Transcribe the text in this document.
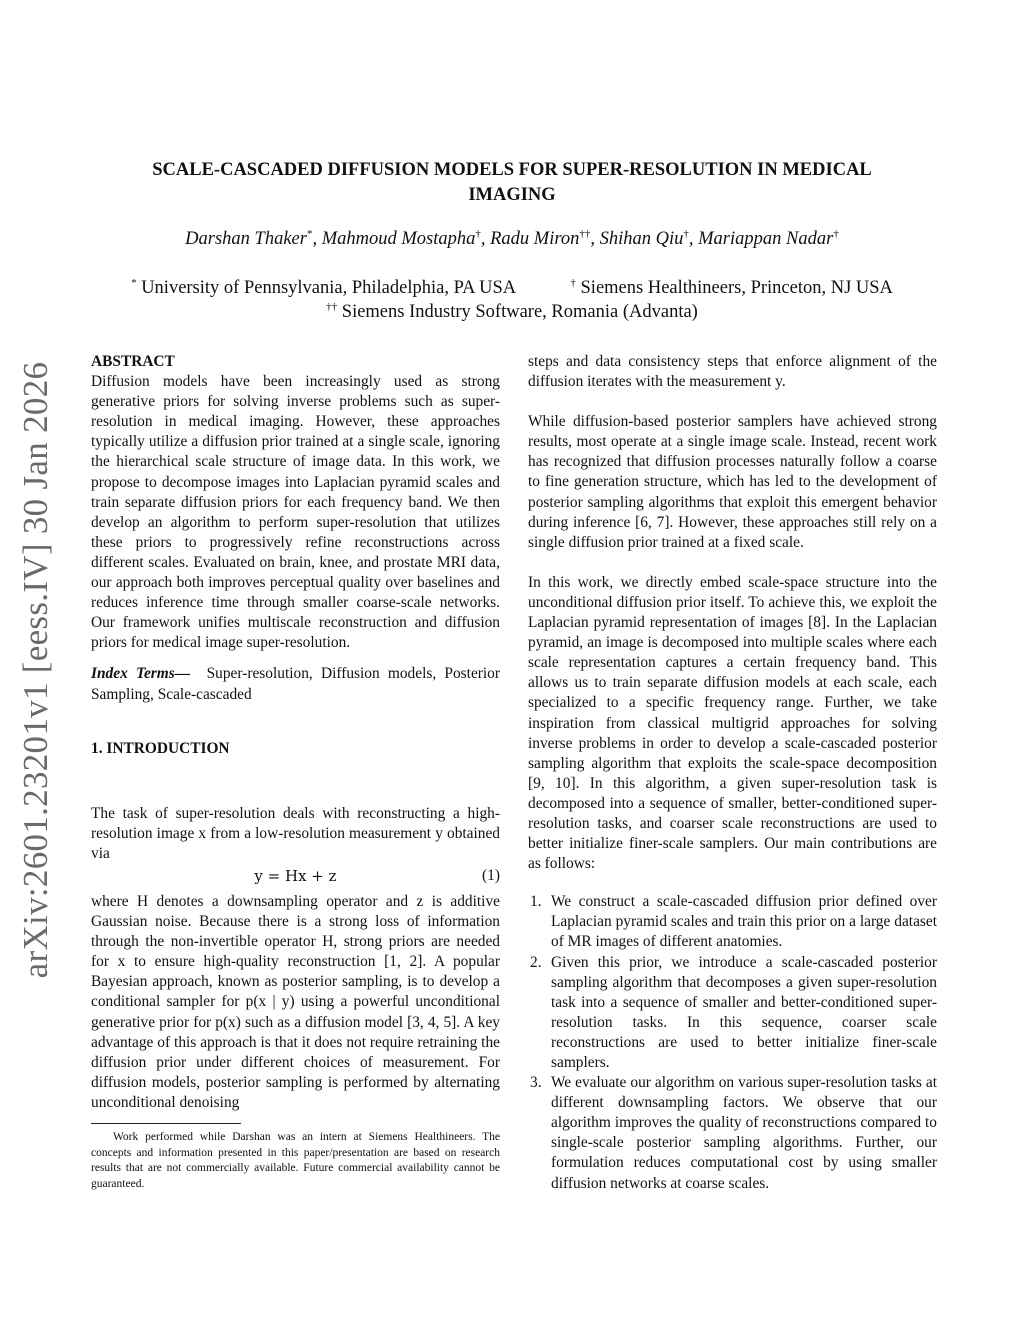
arXiv:2601.23201v1 [eess.IV] 30 Jan 2026
SCALE-CASCADED DIFFUSION MODELS FOR SUPER-RESOLUTION IN MEDICAL
IMAGING
Darshan Thaker*, Mahmoud Mostapha†, Radu Miron††, Shihan Qiu†, Mariappan Nadar†
* University of Pennsylvania, Philadelphia, PA USA	† Siemens Healthineers, Princeton, NJ USA
†† Siemens Industry Software, Romania (Advanta)

ABSTRACT

Diffusion models have been increasingly used as strong generative priors for solving inverse problems such as super-resolution in medical imaging. However, these approaches typically utilize a diffusion prior trained at a single scale, ignoring the hierarchical scale structure of image data. In this work, we propose to decompose images into Laplacian pyramid scales and train separate diffusion priors for each frequency band. We then develop an algorithm to perform super-resolution that utilizes these priors to progressively refine reconstructions across different scales. Evaluated on brain, knee, and prostate MRI data, our approach both improves perceptual quality over baselines and reduces inference time through smaller coarse-scale networks. Our framework unifies multiscale reconstruction and diffusion priors for medical image super-resolution.

Index Terms— Super-resolution, Diffusion models, Posterior Sampling, Scale-cascaded

1. INTRODUCTION

The task of super-resolution deals with reconstructing a high-resolution image x from a low-resolution measurement y obtained via

y = Hx + z	(1)

where H denotes a downsampling operator and z is additive Gaussian noise. Because there is a strong loss of information through the non-invertible operator H, strong priors are needed for x to ensure high-quality reconstruction [1, 2]. A popular Bayesian approach, known as posterior sampling, is to develop a conditional sampler for p(x | y) using a powerful unconditional generative prior for p(x) such as a diffusion model [3, 4, 5]. A key advantage of this approach is that it does not require retraining the diffusion prior under different choices of measurement. For diffusion models, posterior sampling is performed by alternating unconditional denoising

Work performed while Darshan was an intern at Siemens Healthineers. The concepts and information presented in this paper/presentation are based on research results that are not commercially available. Future commercial availability cannot be guaranteed.

steps and data consistency steps that enforce alignment of the diffusion iterates with the measurement y.

While diffusion-based posterior samplers have achieved strong results, most operate at a single image scale. Instead, recent work has recognized that diffusion processes naturally follow a coarse to fine generation structure, which has led to the development of posterior sampling algorithms that exploit this emergent behavior during inference [6, 7]. However, these approaches still rely on a single diffusion prior trained at a fixed scale.

In this work, we directly embed scale-space structure into the unconditional diffusion prior itself. To achieve this, we exploit the Laplacian pyramid representation of images [8]. In the Laplacian pyramid, an image is decomposed into multiple scales where each scale representation captures a certain frequency band. This allows us to train separate diffusion models at each scale, each specialized to a specific frequency range. Further, we take inspiration from classical multigrid approaches for solving inverse problems in order to develop a scale-cascaded posterior sampling algorithm that exploits the scale-space decomposition [9, 10]. In this algorithm, a given super-resolution task is decomposed into a sequence of smaller, better-conditioned super-resolution tasks, and coarser scale reconstructions are used to better initialize finer-scale samplers. Our main contributions are as follows:

1. We construct a scale-cascaded diffusion prior defined over Laplacian pyramid scales and train this prior on a large dataset of MR images of different anatomies.
2. Given this prior, we introduce a scale-cascaded posterior sampling algorithm that decomposes a given super-resolution task into a sequence of smaller and better-conditioned super-resolution tasks. In this sequence, coarser scale reconstructions are used to better initialize finer-scale samplers.
3. We evaluate our algorithm on various super-resolution tasks at different downsampling factors. We observe that our algorithm improves the quality of reconstructions compared to single-scale posterior sampling algorithms. Further, our formulation reduces computational cost by using smaller diffusion networks at coarse scales.
